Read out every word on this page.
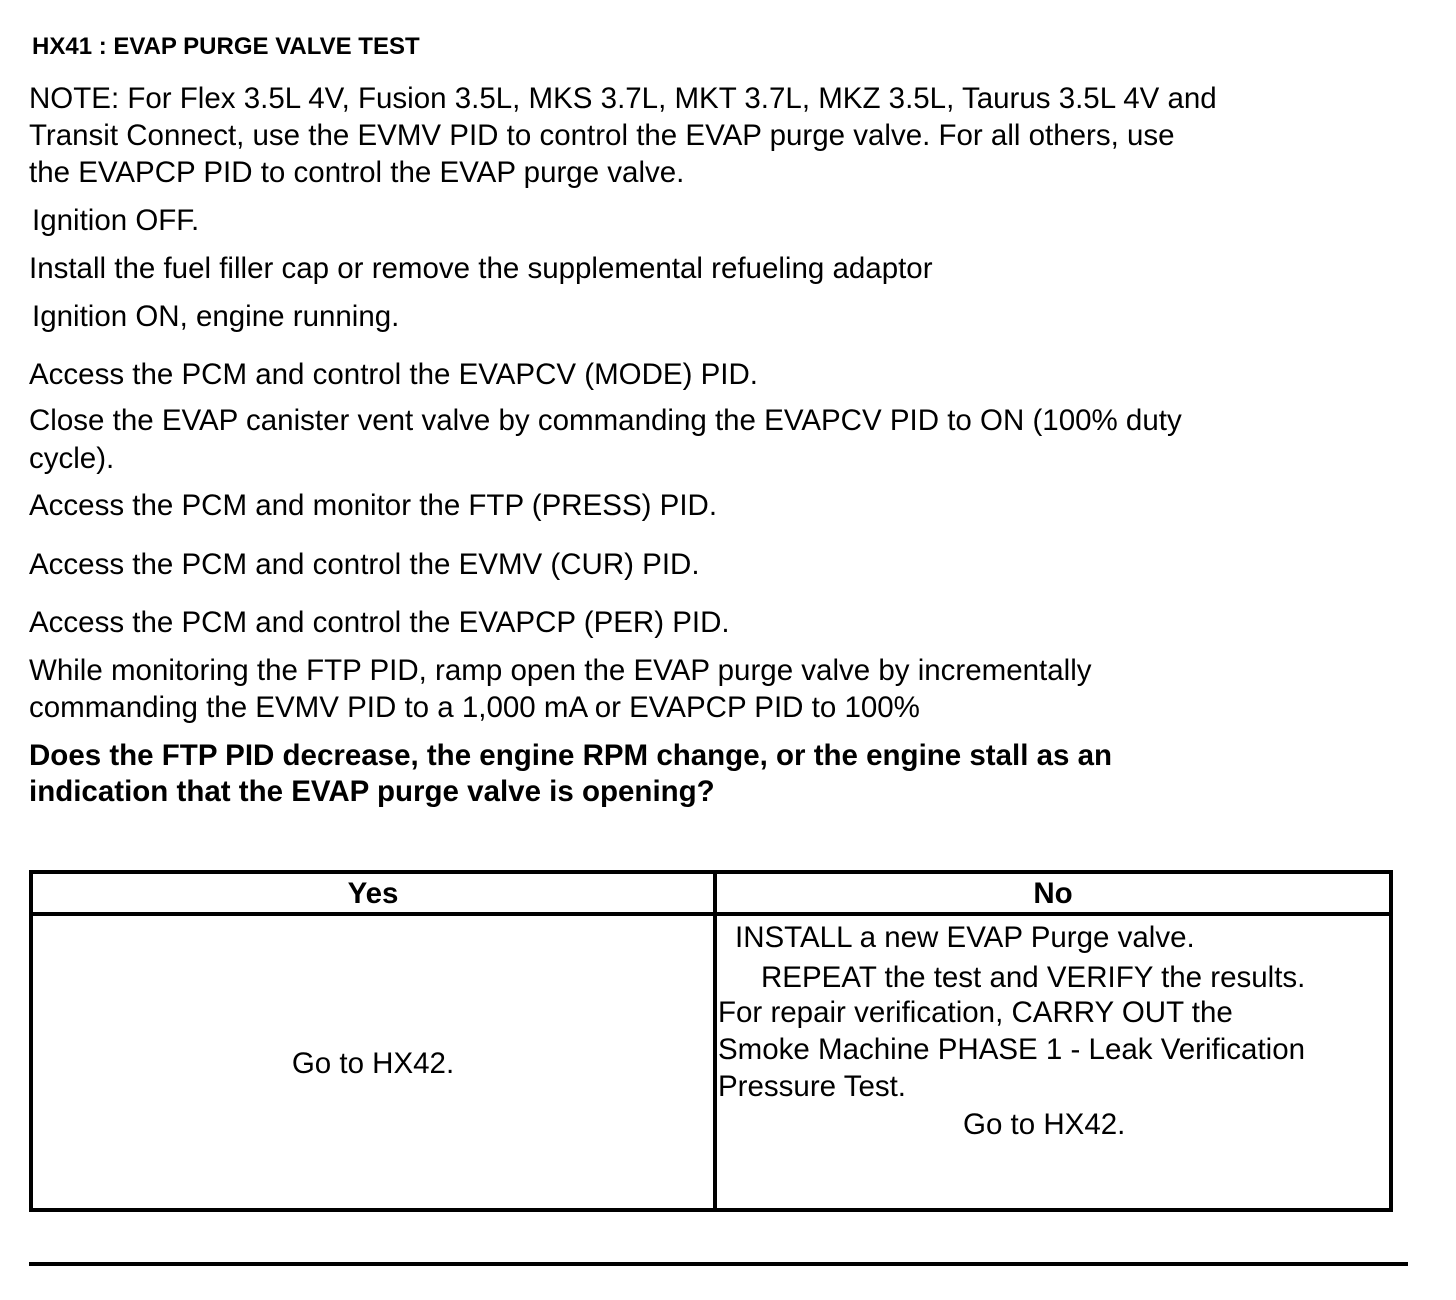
HX41 : EVAP PURGE VALVE TEST
NOTE: For Flex 3.5L 4V, Fusion 3.5L, MKS 3.7L, MKT 3.7L, MKZ 3.5L, Taurus 3.5L 4V and
Transit Connect, use the EVMV PID to control the EVAP purge valve. For all others, use
the EVAPCP PID to control the EVAP purge valve.
Ignition OFF.
Install the fuel filler cap or remove the supplemental refueling adaptor
Ignition ON, engine running.
Access the PCM and control the EVAPCV (MODE) PID.
Close the EVAP canister vent valve by commanding the EVAPCV PID to ON (100% duty
cycle).
Access the PCM and monitor the FTP (PRESS) PID.
Access the PCM and control the EVMV (CUR) PID.
Access the PCM and control the EVAPCP (PER) PID.
While monitoring the FTP PID, ramp open the EVAP purge valve by incrementally
commanding the EVMV PID to a 1,000 mA or EVAPCP PID to 100%
Does the FTP PID decrease, the engine RPM change, or the engine stall as an
indication that the EVAP purge valve is opening?
Yes	No
Go to HX42.
INSTALL a new EVAP Purge valve.
REPEAT the test and VERIFY the results.
For repair verification, CARRY OUT the
Smoke Machine PHASE 1 - Leak Verification
Pressure Test.
Go to HX42.
